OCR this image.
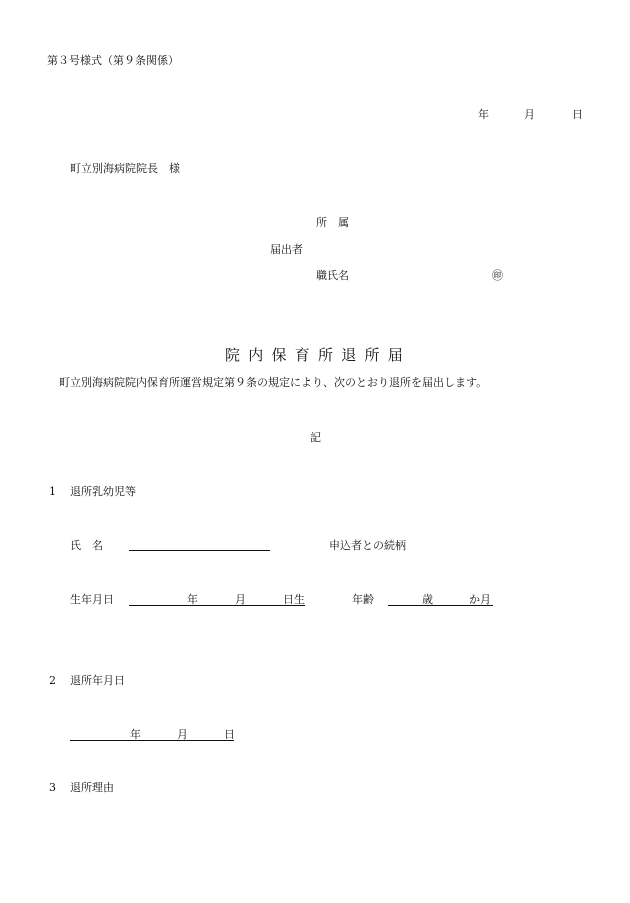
第３号様式（第９条関係）
年	月	日
町立別海病院院長　様
所　属
届出者
職氏名	㊞
院内保育所退所届
町立別海病院院内保育所運営規定第９条の規定により、次のとおり退所を届出します。
記
1 退所乳幼児等
氏　名	申込者との続柄
生年月日	年	月	日生	年齢	歳	か月
2 退所年月日
年	月	日
3 退所理由
